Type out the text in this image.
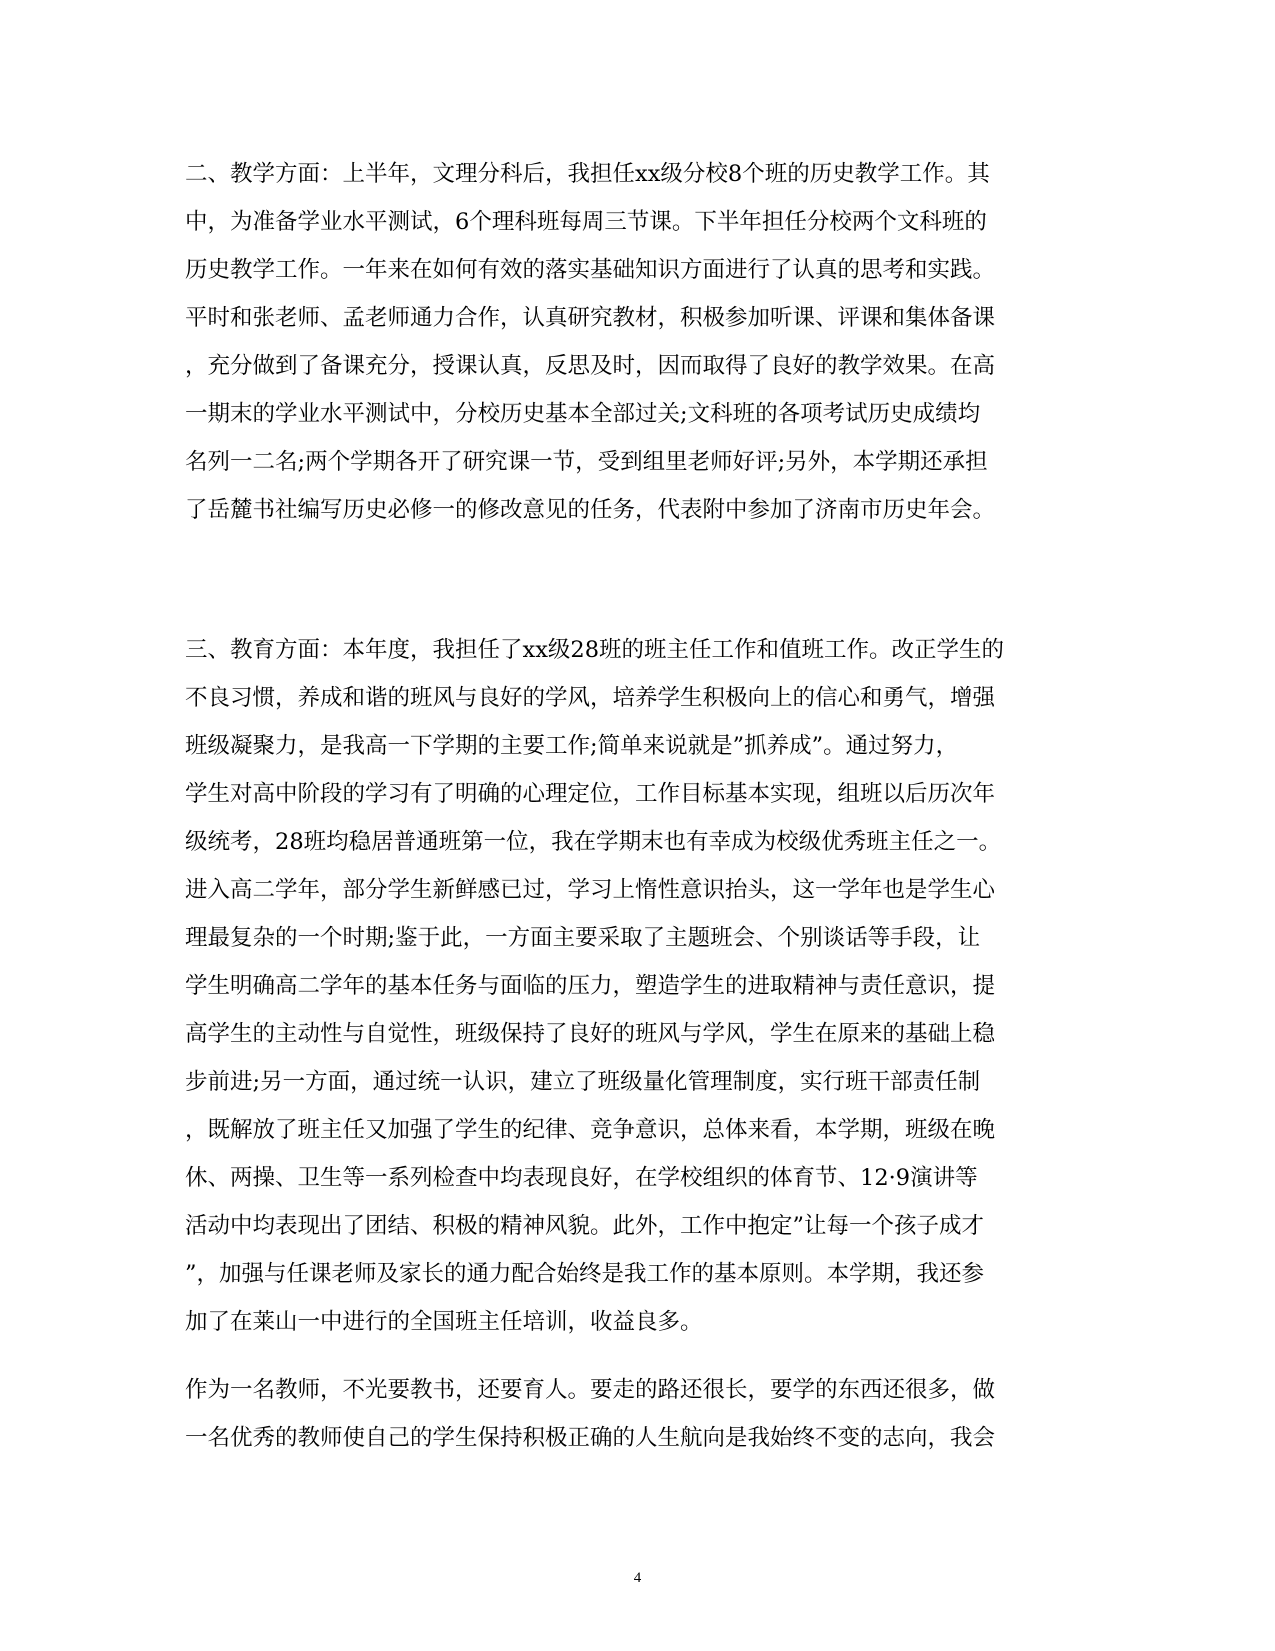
二、教学方面：上半年，文理分科后，我担任xx级分校8个班的历史教学工作。其
中，为准备学业水平测试，6个理科班每周三节课。下半年担任分校两个文科班的
历史教学工作。一年来在如何有效的落实基础知识方面进行了认真的思考和实践。
平时和张老师、孟老师通力合作，认真研究教材，积极参加听课、评课和集体备课
，充分做到了备课充分，授课认真，反思及时，因而取得了良好的教学效果。在高
一期末的学业水平测试中，分校历史基本全部过关;文科班的各项考试历史成绩均
名列一二名;两个学期各开了研究课一节，受到组里老师好评;另外，本学期还承担
了岳麓书社编写历史必修一的修改意见的任务，代表附中参加了济南市历史年会。
三、教育方面：本年度，我担任了xx级28班的班主任工作和值班工作。改正学生的
不良习惯，养成和谐的班风与良好的学风，培养学生积极向上的信心和勇气，增强
班级凝聚力，是我高一下学期的主要工作;简单来说就是”抓养成”。通过努力，
学生对高中阶段的学习有了明确的心理定位，工作目标基本实现，组班以后历次年
级统考，28班均稳居普通班第一位，我在学期末也有幸成为校级优秀班主任之一。
进入高二学年，部分学生新鲜感已过，学习上惰性意识抬头，这一学年也是学生心
理最复杂的一个时期;鉴于此，一方面主要采取了主题班会、个别谈话等手段，让
学生明确高二学年的基本任务与面临的压力，塑造学生的进取精神与责任意识，提
高学生的主动性与自觉性，班级保持了良好的班风与学风，学生在原来的基础上稳
步前进;另一方面，通过统一认识，建立了班级量化管理制度，实行班干部责任制
，既解放了班主任又加强了学生的纪律、竞争意识，总体来看，本学期，班级在晚
休、两操、卫生等一系列检查中均表现良好，在学校组织的体育节、12·9演讲等
活动中均表现出了团结、积极的精神风貌。此外，工作中抱定”让每一个孩子成才
”，加强与任课老师及家长的通力配合始终是我工作的基本原则。本学期，我还参
加了在莱山一中进行的全国班主任培训，收益良多。
作为一名教师，不光要教书，还要育人。要走的路还很长，要学的东西还很多，做
一名优秀的教师使自己的学生保持积极正确的人生航向是我始终不变的志向，我会
4
